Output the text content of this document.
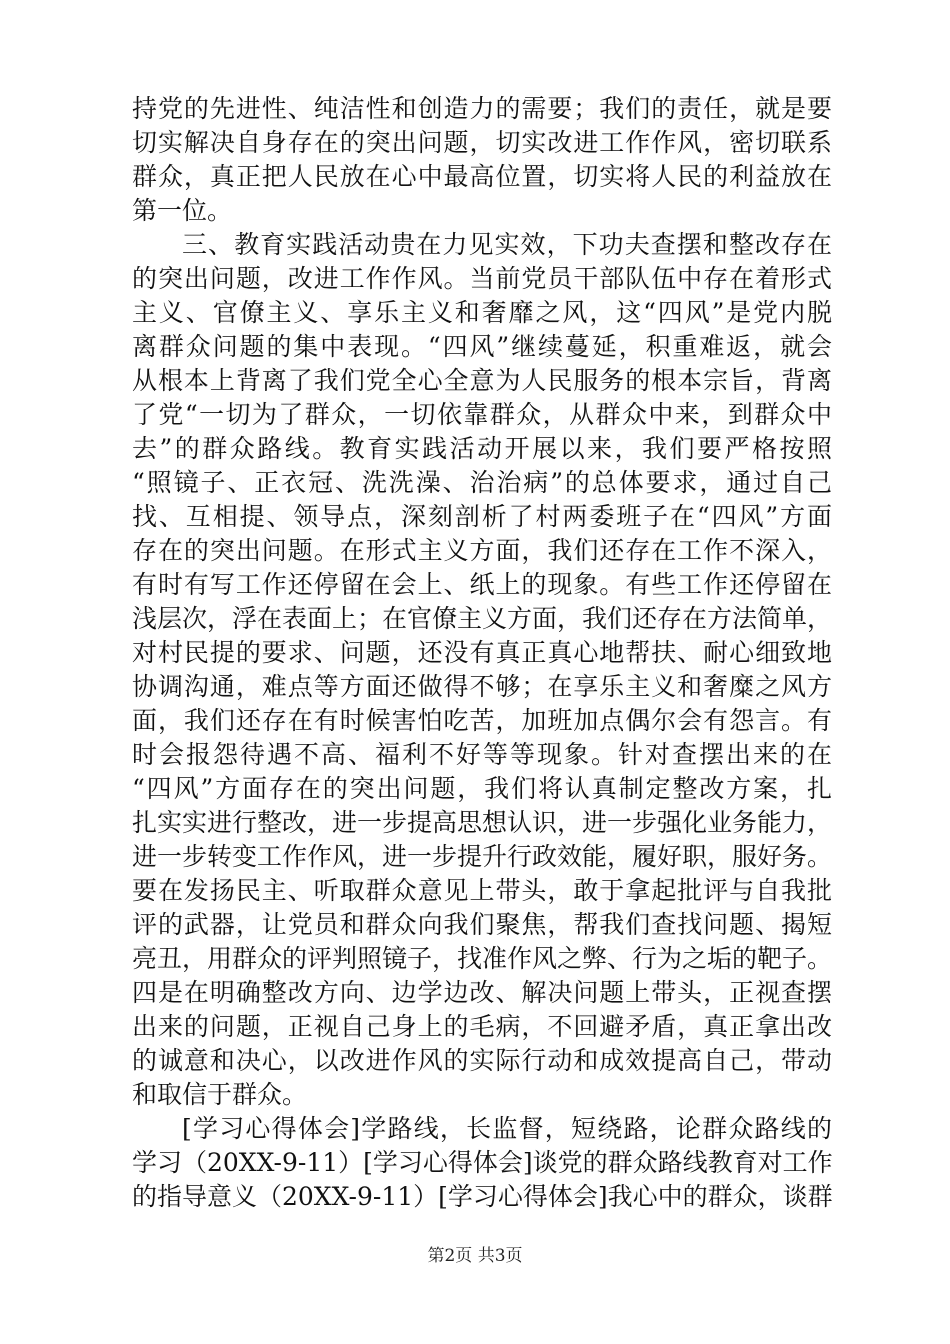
持党的先进性、纯洁性和创造力的需要；我们的责任，就是要
切实解决自身存在的突出问题，切实改进工作作风，密切联系
群众，真正把人民放在心中最高位置，切实将人民的利益放在
第一位。
三、教育实践活动贵在力见实效，下功夫查摆和整改存在
的突出问题，改进工作作风。当前党员干部队伍中存在着形式
主义、官僚主义、享乐主义和奢靡之风，这“四风”是党内脱
离群众问题的集中表现。“四风”继续蔓延，积重难返，就会
从根本上背离了我们党全心全意为人民服务的根本宗旨，背离
了党“一切为了群众，一切依靠群众，从群众中来，到群众中
去”的群众路线。教育实践活动开展以来，我们要严格按照
“照镜子、正衣冠、洗洗澡、治治病”的总体要求，通过自己
找、互相提、领导点，深刻剖析了村两委班子在“四风”方面
存在的突出问题。在形式主义方面，我们还存在工作不深入，
有时有写工作还停留在会上、纸上的现象。有些工作还停留在
浅层次，浮在表面上；在官僚主义方面，我们还存在方法简单，
对村民提的要求、问题，还没有真正真心地帮扶、耐心细致地
协调沟通，难点等方面还做得不够；在享乐主义和奢糜之风方
面，我们还存在有时候害怕吃苦，加班加点偶尔会有怨言。有
时会报怨待遇不高、福利不好等等现象。针对查摆出来的在
“四风”方面存在的突出问题，我们将认真制定整改方案，扎
扎实实进行整改，进一步提高思想认识，进一步强化业务能力，
进一步转变工作作风，进一步提升行政效能，履好职，服好务。
要在发扬民主、听取群众意见上带头，敢于拿起批评与自我批
评的武器，让党员和群众向我们聚焦，帮我们查找问题、揭短
亮丑，用群众的评判照镜子，找准作风之弊、行为之垢的靶子。
四是在明确整改方向、边学边改、解决问题上带头，正视查摆
出来的问题，正视自己身上的毛病，不回避矛盾，真正拿出改
的诚意和决心，以改进作风的实际行动和成效提高自己，带动
和取信于群众。
[学习心得体会]学路线，长监督，短绕路，论群众路线的
学习（20XX-9-11）[学习心得体会]谈党的群众路线教育对工作
的指导意义（20XX-9-11）[学习心得体会]我心中的群众，谈群
第2页 共3页
